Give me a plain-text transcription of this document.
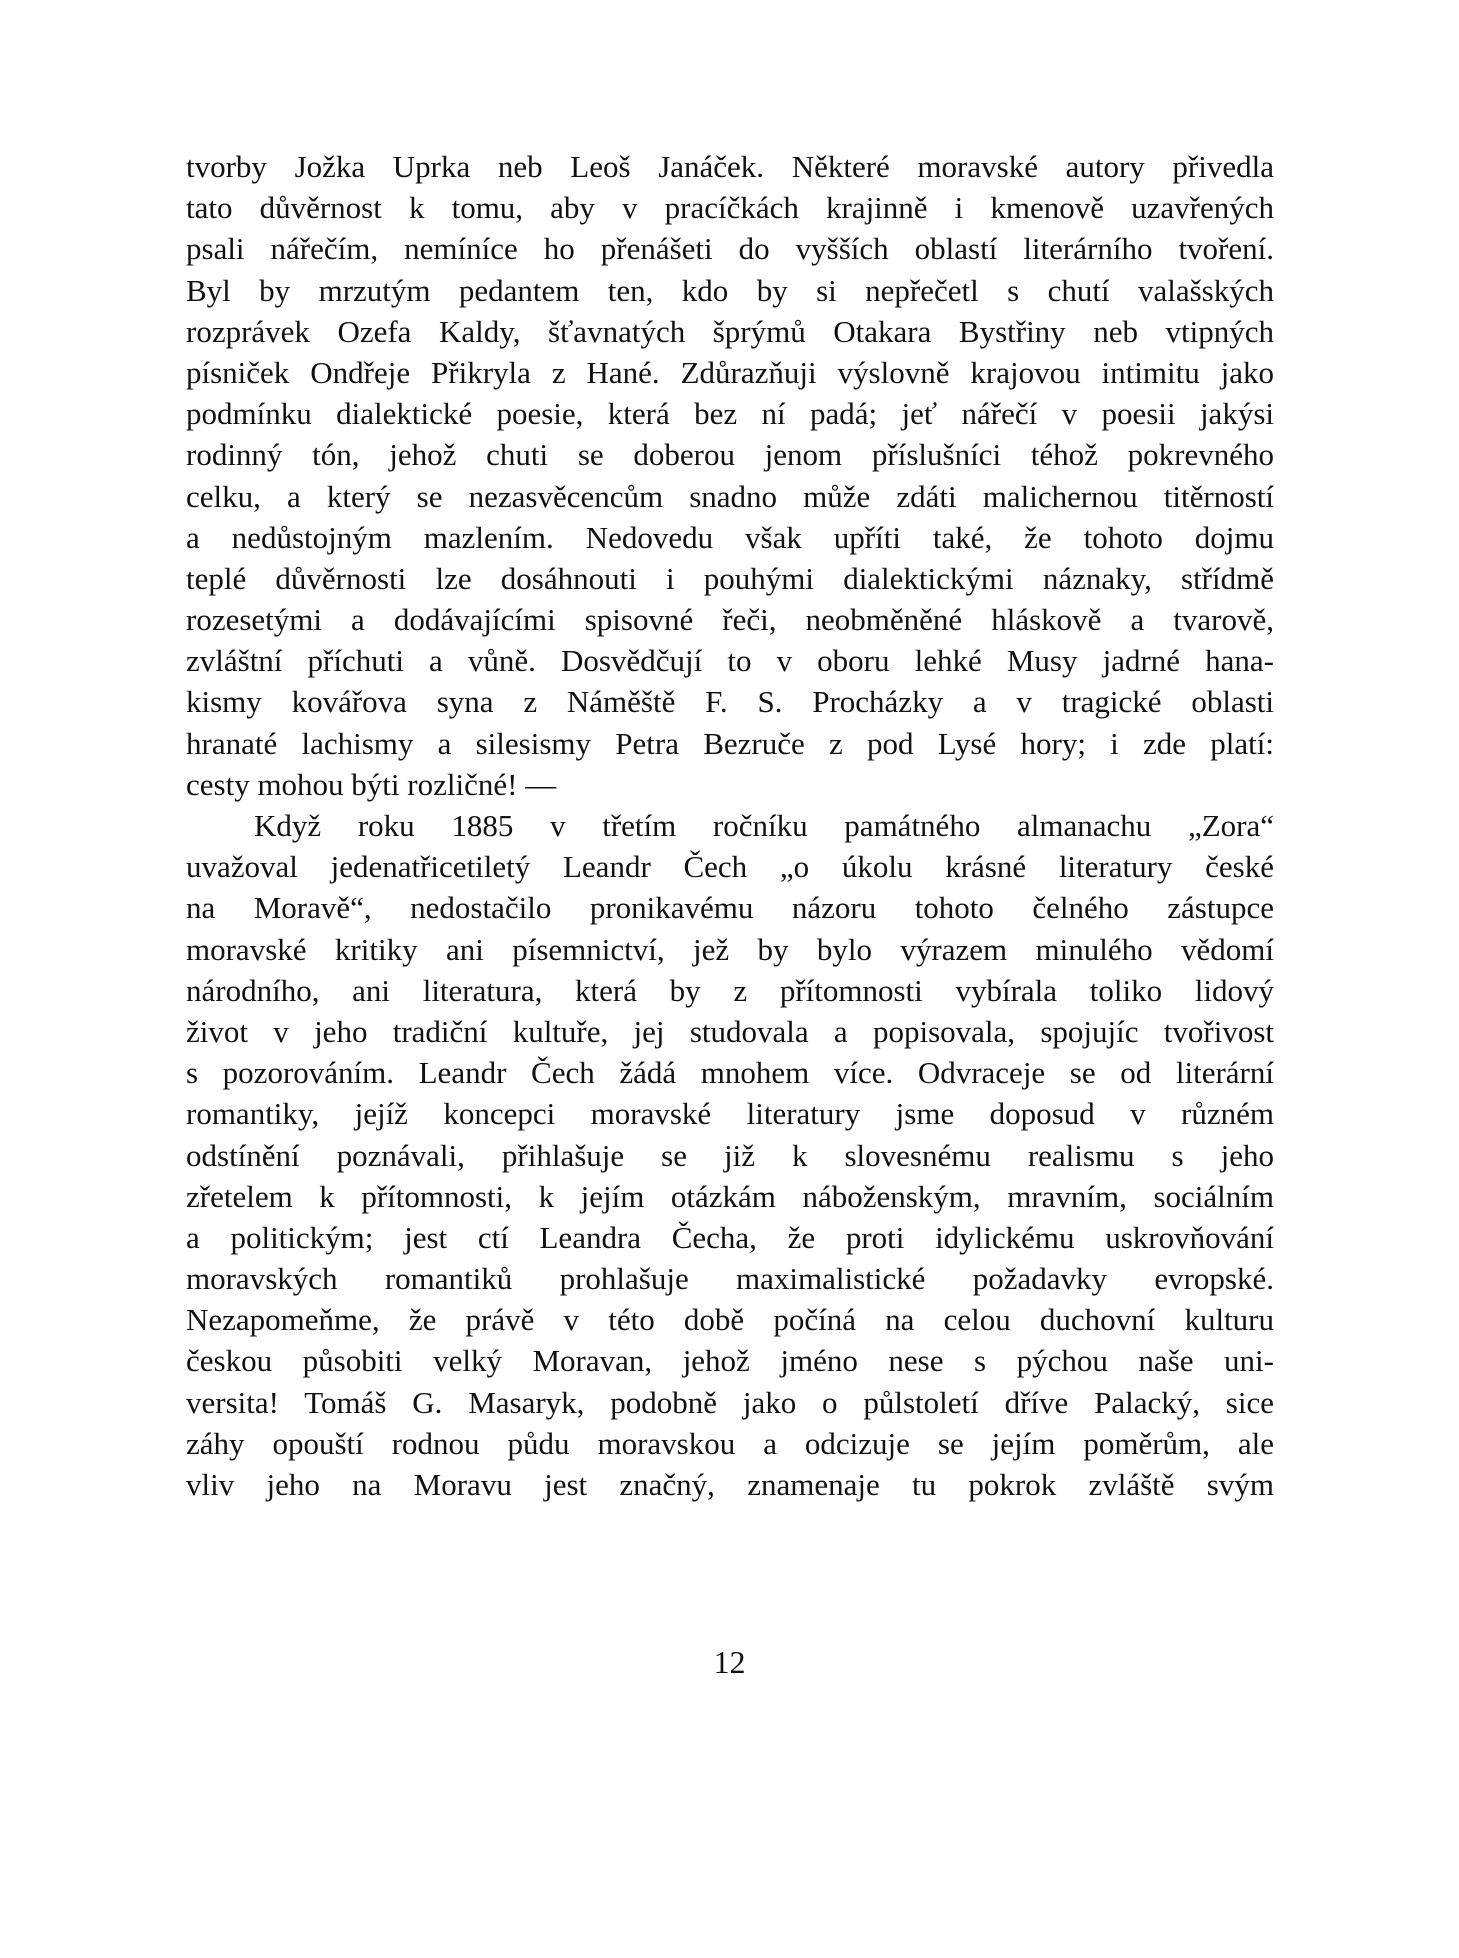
tvorby Jožka Uprka neb Leoš Janáček. Některé moravské autory přivedla
tato důvěrnost k tomu, aby v pracíčkách krajinně i kmenově uzavřených
psali nářečím, nemíníce ho přenášeti do vyšších oblastí literárního tvoření.
Byl by mrzutým pedantem ten, kdo by si nepřečetl s chutí valašských
rozprávek Ozefa Kaldy, šťavnatých šprýmů Otakara Bystřiny neb vtipných
písniček Ondřeje Přikryla z Hané. Zdůrazňuji výslovně krajovou intimitu jako
podmínku dialektické poesie, která bez ní padá; jeť nářečí v poesii jakýsi
rodinný tón, jehož chuti se doberou jenom příslušníci téhož pokrevného
celku, a který se nezasvěcencům snadno může zdáti malichernou titěrností
a nedůstojným mazlením. Nedovedu však upříti také, že tohoto dojmu
teplé důvěrnosti lze dosáhnouti i pouhými dialektickými náznaky, střídmě
rozesetými a dodávajícími spisovné řeči, neobměněné hláskově a tvarově,
zvláštní příchuti a vůně. Dosvědčují to v oboru lehké Musy jadrné hana-
kismy kovářova syna z Náměště F. S. Procházky a v tragické oblasti
hranaté lachismy a silesismy Petra Bezruče z pod Lysé hory; i zde platí:
cesty mohou býti rozličné! —
Když roku 1885 v třetím ročníku památného almanachu „Zora“
uvažoval jedenatřicetiletý Leandr Čech „o úkolu krásné literatury české
na Moravě“, nedostačilo pronikavému názoru tohoto čelného zástupce
moravské kritiky ani písemnictví, jež by bylo výrazem minulého vědomí
národního, ani literatura, která by z přítomnosti vybírala toliko lidový
život v jeho tradiční kultuře, jej studovala a popisovala, spojujíc tvořivost
s pozorováním. Leandr Čech žádá mnohem více. Odvraceje se od literární
romantiky, jejíž koncepci moravské literatury jsme doposud v různém
odstínění poznávali, přihlašuje se již k slovesnému realismu s jeho
zřetelem k přítomnosti, k jejím otázkám náboženským, mravním, sociálním
a politickým; jest ctí Leandra Čecha, že proti idylickému uskrovňování
moravských romantiků prohlašuje maximalistické požadavky evropské.
Nezapomeňme, že právě v této době počíná na celou duchovní kulturu
českou působiti velký Moravan, jehož jméno nese s pýchou naše uni-
versita! Tomáš G. Masaryk, podobně jako o půlstoletí dříve Palacký, sice
záhy opouští rodnou půdu moravskou a odcizuje se jejím poměrům, ale
vliv jeho na Moravu jest značný, znamenaje tu pokrok zvláště svým
12
